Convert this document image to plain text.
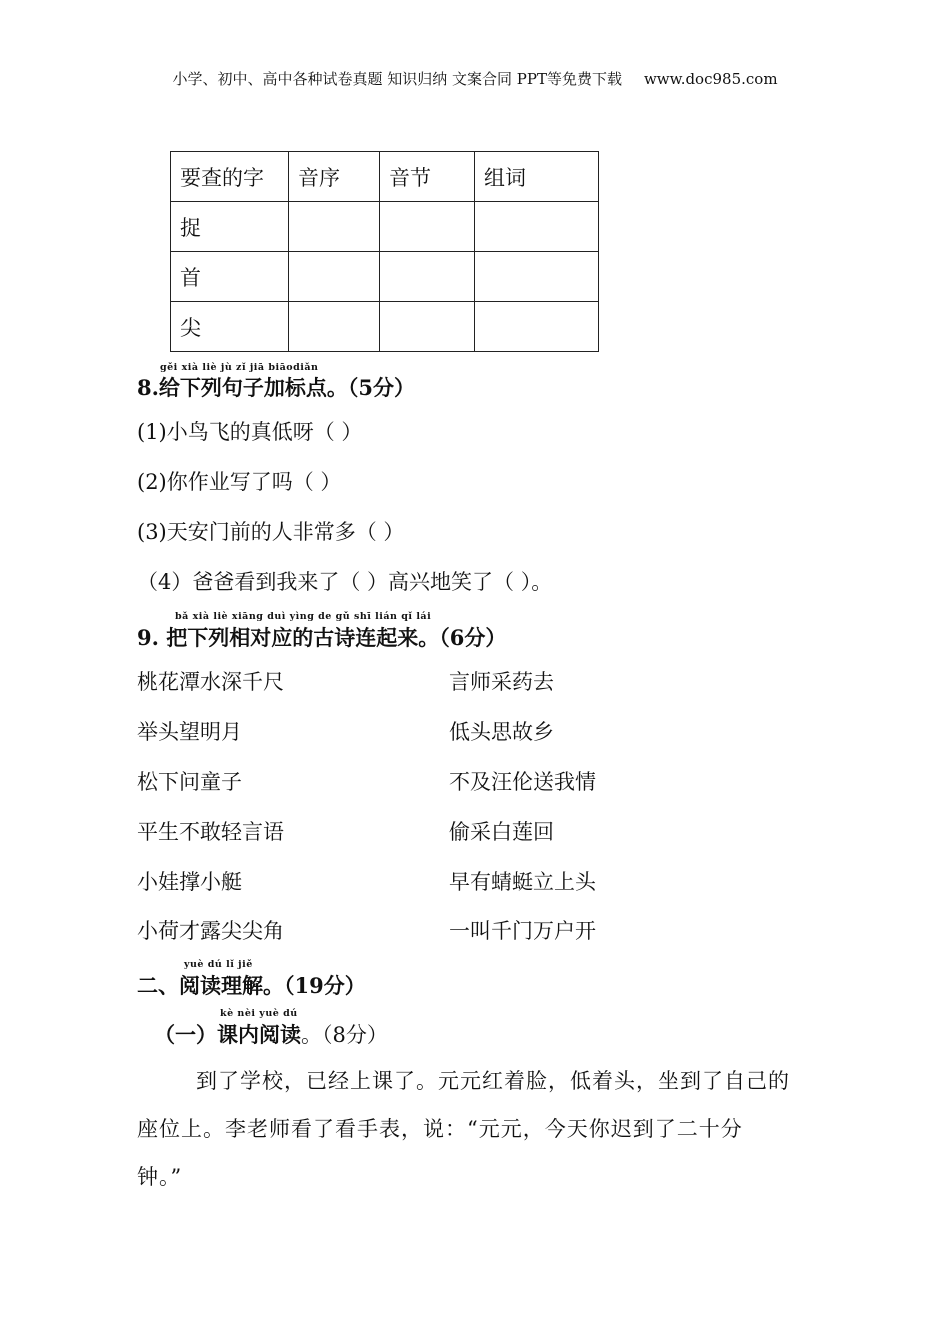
小学、初中、高中各种试卷真题 知识归纳 文案合同 PPT等免费下载 www.doc985.com
要查的字	音序	音节	组词
捉			
首			
尖			
gěi xià liè jù zǐ jiā biāodiǎn
8.给下列句子加标点。（5分）
(1)小鸟飞的真低呀（ ）
(2)你作业写了吗（ ）
(3)天安门前的人非常多（ ）
（4）爸爸看到我来了（ ）高兴地笑了（ ）。
bǎ xià liè xiāng duì yìng de gǔ shī lián qǐ lái
9. 把下列相对应的古诗连起来。（6分）
桃花潭水深千尺
举头望明月
松下问童子
平生不敢轻言语
小娃撑小艇
小荷才露尖尖角
言师采药去
低头思故乡
不及汪伦送我情
偷采白莲回
早有蜻蜓立上头
一叫千门万户开
yuè dú lǐ jiě
二、阅读理解。（19分）
kè nèi yuè dú
（一）课内阅读。（8分）
到了学校，已经上课了。元元红着脸，低着头，坐到了自己的
座位上。李老师看了看手表，说：“元元，今天你迟到了二十分
钟。”
